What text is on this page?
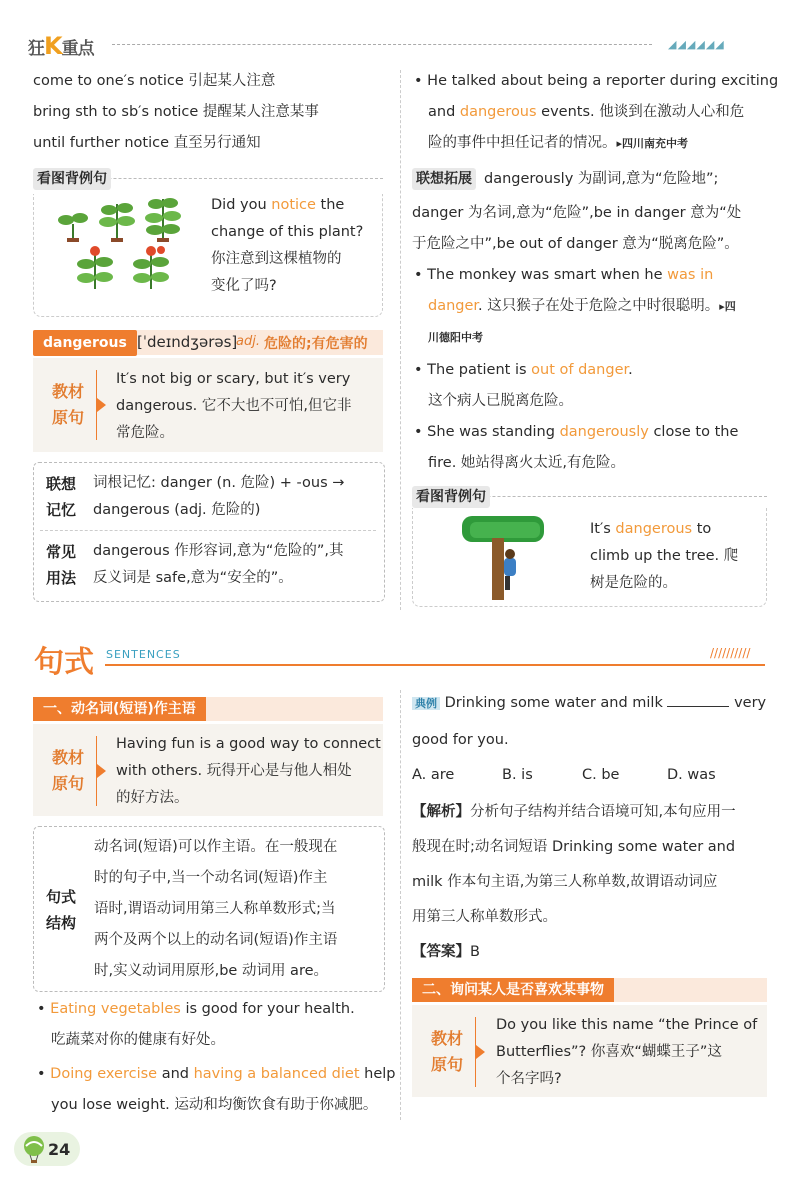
狂K重点	◢◢◢◢◢◢
come to one′s notice 引起某人注意
bring sth to sb′s notice 提醒某人注意某事
until further notice 直至另行通知
看图背例句
Did you notice the
change of this plant?
你注意到这棵植物的
变化了吗?
dangerous [ˈdeɪndʒərəs]
adj. 危险的;有危害的
教材
原句
It′s not big or scary, but it′s very
dangerous. 它不大也不可怕,但它非
常危险。
联想
记忆
词根记忆: danger (n. 危险) + -ous →
dangerous (adj. 危险的)
常见
用法
dangerous 作形容词,意为“危险的”,其
反义词是 safe,意为“安全的”。
• He talked about being a reporter during exciting
and dangerous events. 他谈到在激动人心和危
险的事件中担任记者的情况。▸四川南充中考
联想拓展 dangerously 为副词,意为“危险地”;
danger 为名词,意为“危险”,be in danger 意为“处
于危险之中”,be out of danger 意为“脱离危险”。
• The monkey was smart when he was in
danger. 这只猴子在处于危险之中时很聪明。▸四
川德阳中考
• The patient is out of danger.
这个病人已脱离危险。
• She was standing dangerously close to the
fire. 她站得离火太近,有危险。
看图背例句
It′s dangerous to
climb up the tree. 爬
树是危险的。
句式 SENTENCES	//////////
一、动名词(短语)作主语
教材
原句
Having fun is a good way to connect
with others. 玩得开心是与他人相处
的好方法。
句式
结构
动名词(短语)可以作主语。在一般现在
时的句子中,当一个动名词(短语)作主
语时,谓语动词用第三人称单数形式;当
两个及两个以上的动名词(短语)作主语
时,实义动词用原形,be 动词用 are。
• Eating vegetables is good for your health.
吃蔬菜对你的健康有好处。
• Doing exercise and having a balanced diet help
you lose weight. 运动和均衡饮食有助于你减肥。
典例 Drinking some water and milk	very
good for you.
A. are	B. is	C. be	D. was
【解析】分析句子结构并结合语境可知,本句应用一
般现在时;动名词短语 Drinking some water and
milk 作本句主语,为第三人称单数,故谓语动词应
用第三人称单数形式。
【答案】B
二、询问某人是否喜欢某事物
教材
原句
Do you like this name “the Prince of
Butterflies”? 你喜欢“蝴蝶王子”这
个名字吗?
24
